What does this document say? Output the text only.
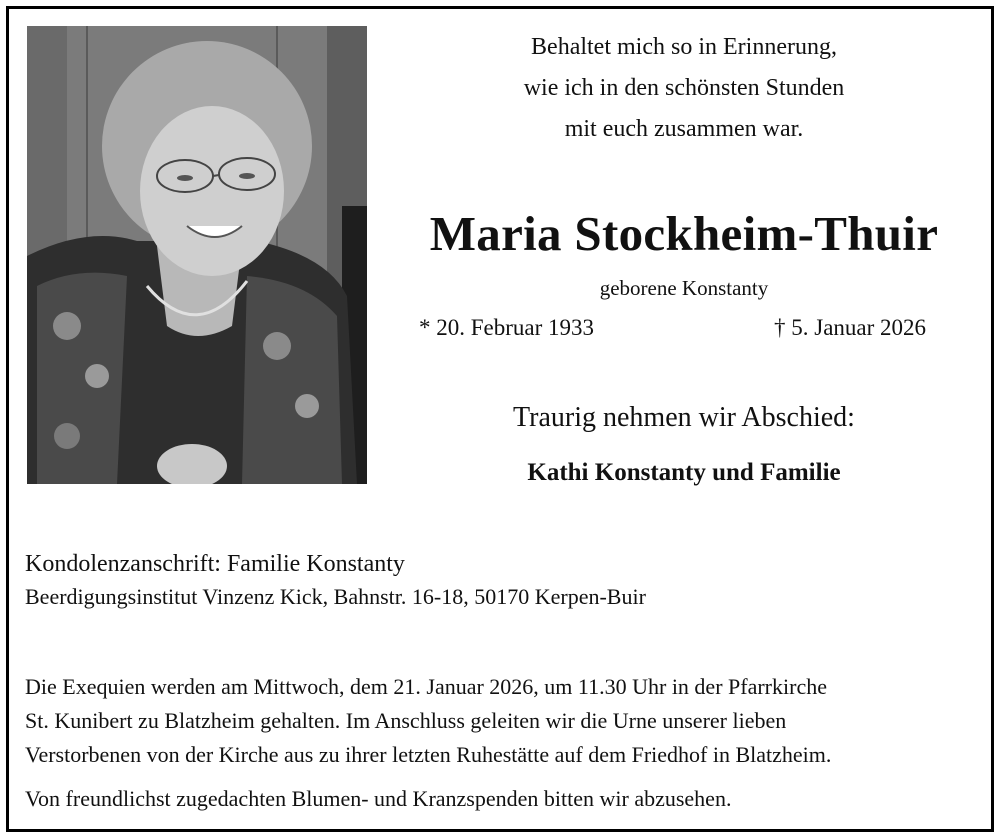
Behaltet mich so in Erinnerung,
wie ich in den schönsten Stunden
mit euch zusammen war.
Maria Stockheim-Thuir
geborene Konstanty
* 20. Februar 1933	† 5. Januar 2026
Traurig nehmen wir Abschied:
Kathi Konstanty und Familie
Kondolenzanschrift: Familie Konstanty
Beerdigungsinstitut Vinzenz Kick, Bahnstr. 16-18, 50170 Kerpen-Buir
Die Exequien werden am Mittwoch, dem 21. Januar 2026, um 11.30 Uhr in der Pfarrkirche
St. Kunibert zu Blatzheim gehalten. Im Anschluss geleiten wir die Urne unserer lieben
Verstorbenen von der Kirche aus zu ihrer letzten Ruhestätte auf dem Friedhof in Blatzheim.
Von freundlichst zugedachten Blumen- und Kranzspenden bitten wir abzusehen.
